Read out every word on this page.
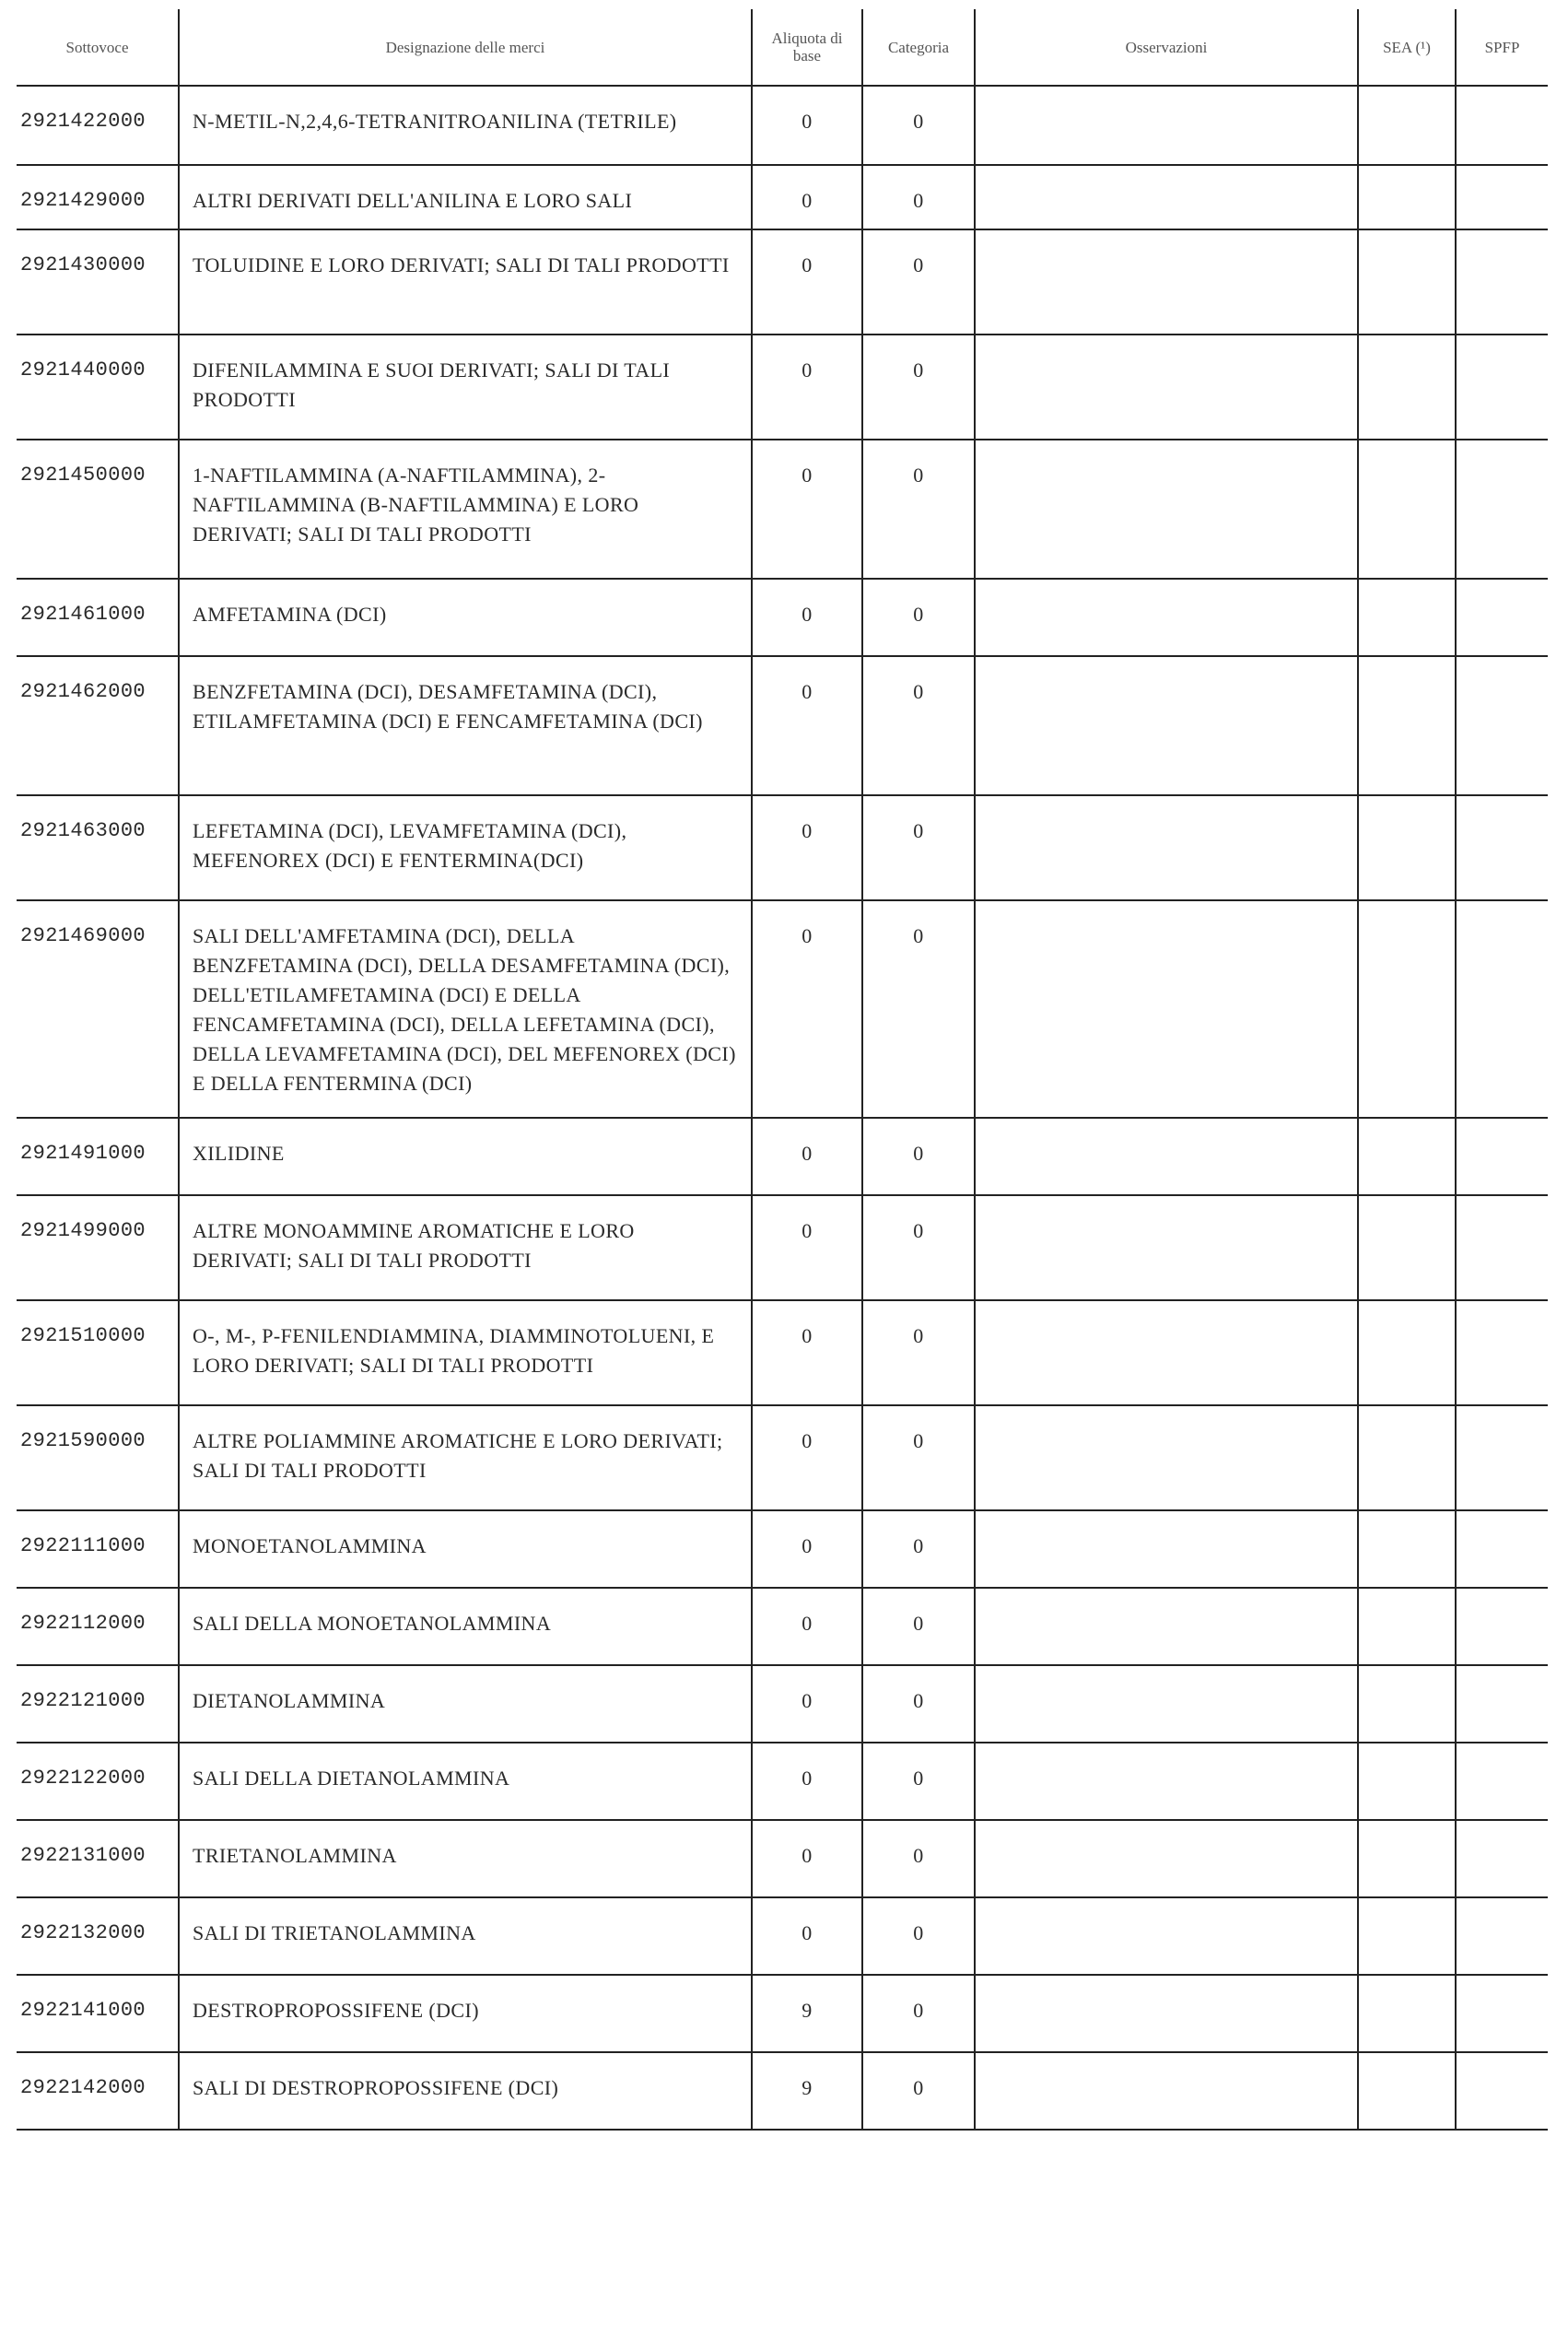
Sottovoce	Designazione delle merci	Aliquota di base	Categoria	Osservazioni	SEA (¹)	SPFP
2921422000	N-METIL-N,2,4,6-TETRANITROANILINA (TETRILE)	0	0			
2921429000	ALTRI DERIVATI DELL'ANILINA E LORO SALI	0	0			
2921430000	TOLUIDINE E LORO DERIVATI; SALI DI TALI PRODOTTI	0	0			
2921440000	DIFENILAMMINA E SUOI DERIVATI; SALI DI TALI PRODOTTI	0	0			
2921450000	1-NAFTILAMMINA (A-NAFTILAMMINA), 2-NAFTILAMMINA (B-NAFTILAMMINA) E LORO DERIVATI; SALI DI TALI PRODOTTI	0	0			
2921461000	AMFETAMINA (DCI)	0	0			
2921462000	BENZFETAMINA (DCI), DESAMFETAMINA (DCI), ETILAMFETAMINA (DCI) E FENCAMFETAMINA (DCI)	0	0			
2921463000	LEFETAMINA (DCI), LEVAMFETAMINA (DCI), MEFENOREX (DCI) E FENTERMINA(DCI)	0	0			
2921469000	SALI DELL'AMFETAMINA (DCI), DELLA BENZFETAMINA (DCI), DELLA DESAMFETAMINA (DCI), DELL'ETILAMFETAMINA (DCI) E DELLA FENCAMFETAMINA (DCI), DELLA LEFETAMINA (DCI), DELLA LEVAMFETAMINA (DCI), DEL MEFENOREX (DCI) E DELLA FENTERMINA (DCI)	0	0			
2921491000	XILIDINE	0	0			
2921499000	ALTRE MONOAMMINE AROMATICHE E LORO DERIVATI; SALI DI TALI PRODOTTI	0	0			
2921510000	O-, M-, P-FENILENDIAMMINA, DIAMMINOTOLUENI, E LORO DERIVATI; SALI DI TALI PRODOTTI	0	0			
2921590000	ALTRE POLIAMMINE AROMATICHE E LORO DERIVATI; SALI DI TALI PRODOTTI	0	0			
2922111000	MONOETANOLAMMINA	0	0			
2922112000	SALI DELLA MONOETANOLAMMINA	0	0			
2922121000	DIETANOLAMMINA	0	0			
2922122000	SALI DELLA DIETANOLAMMINA	0	0			
2922131000	TRIETANOLAMMINA	0	0			
2922132000	SALI DI TRIETANOLAMMINA	0	0			
2922141000	DESTROPROPOSSIFENE (DCI)	9	0			
2922142000	SALI DI DESTROPROPOSSIFENE (DCI)	9	0			
